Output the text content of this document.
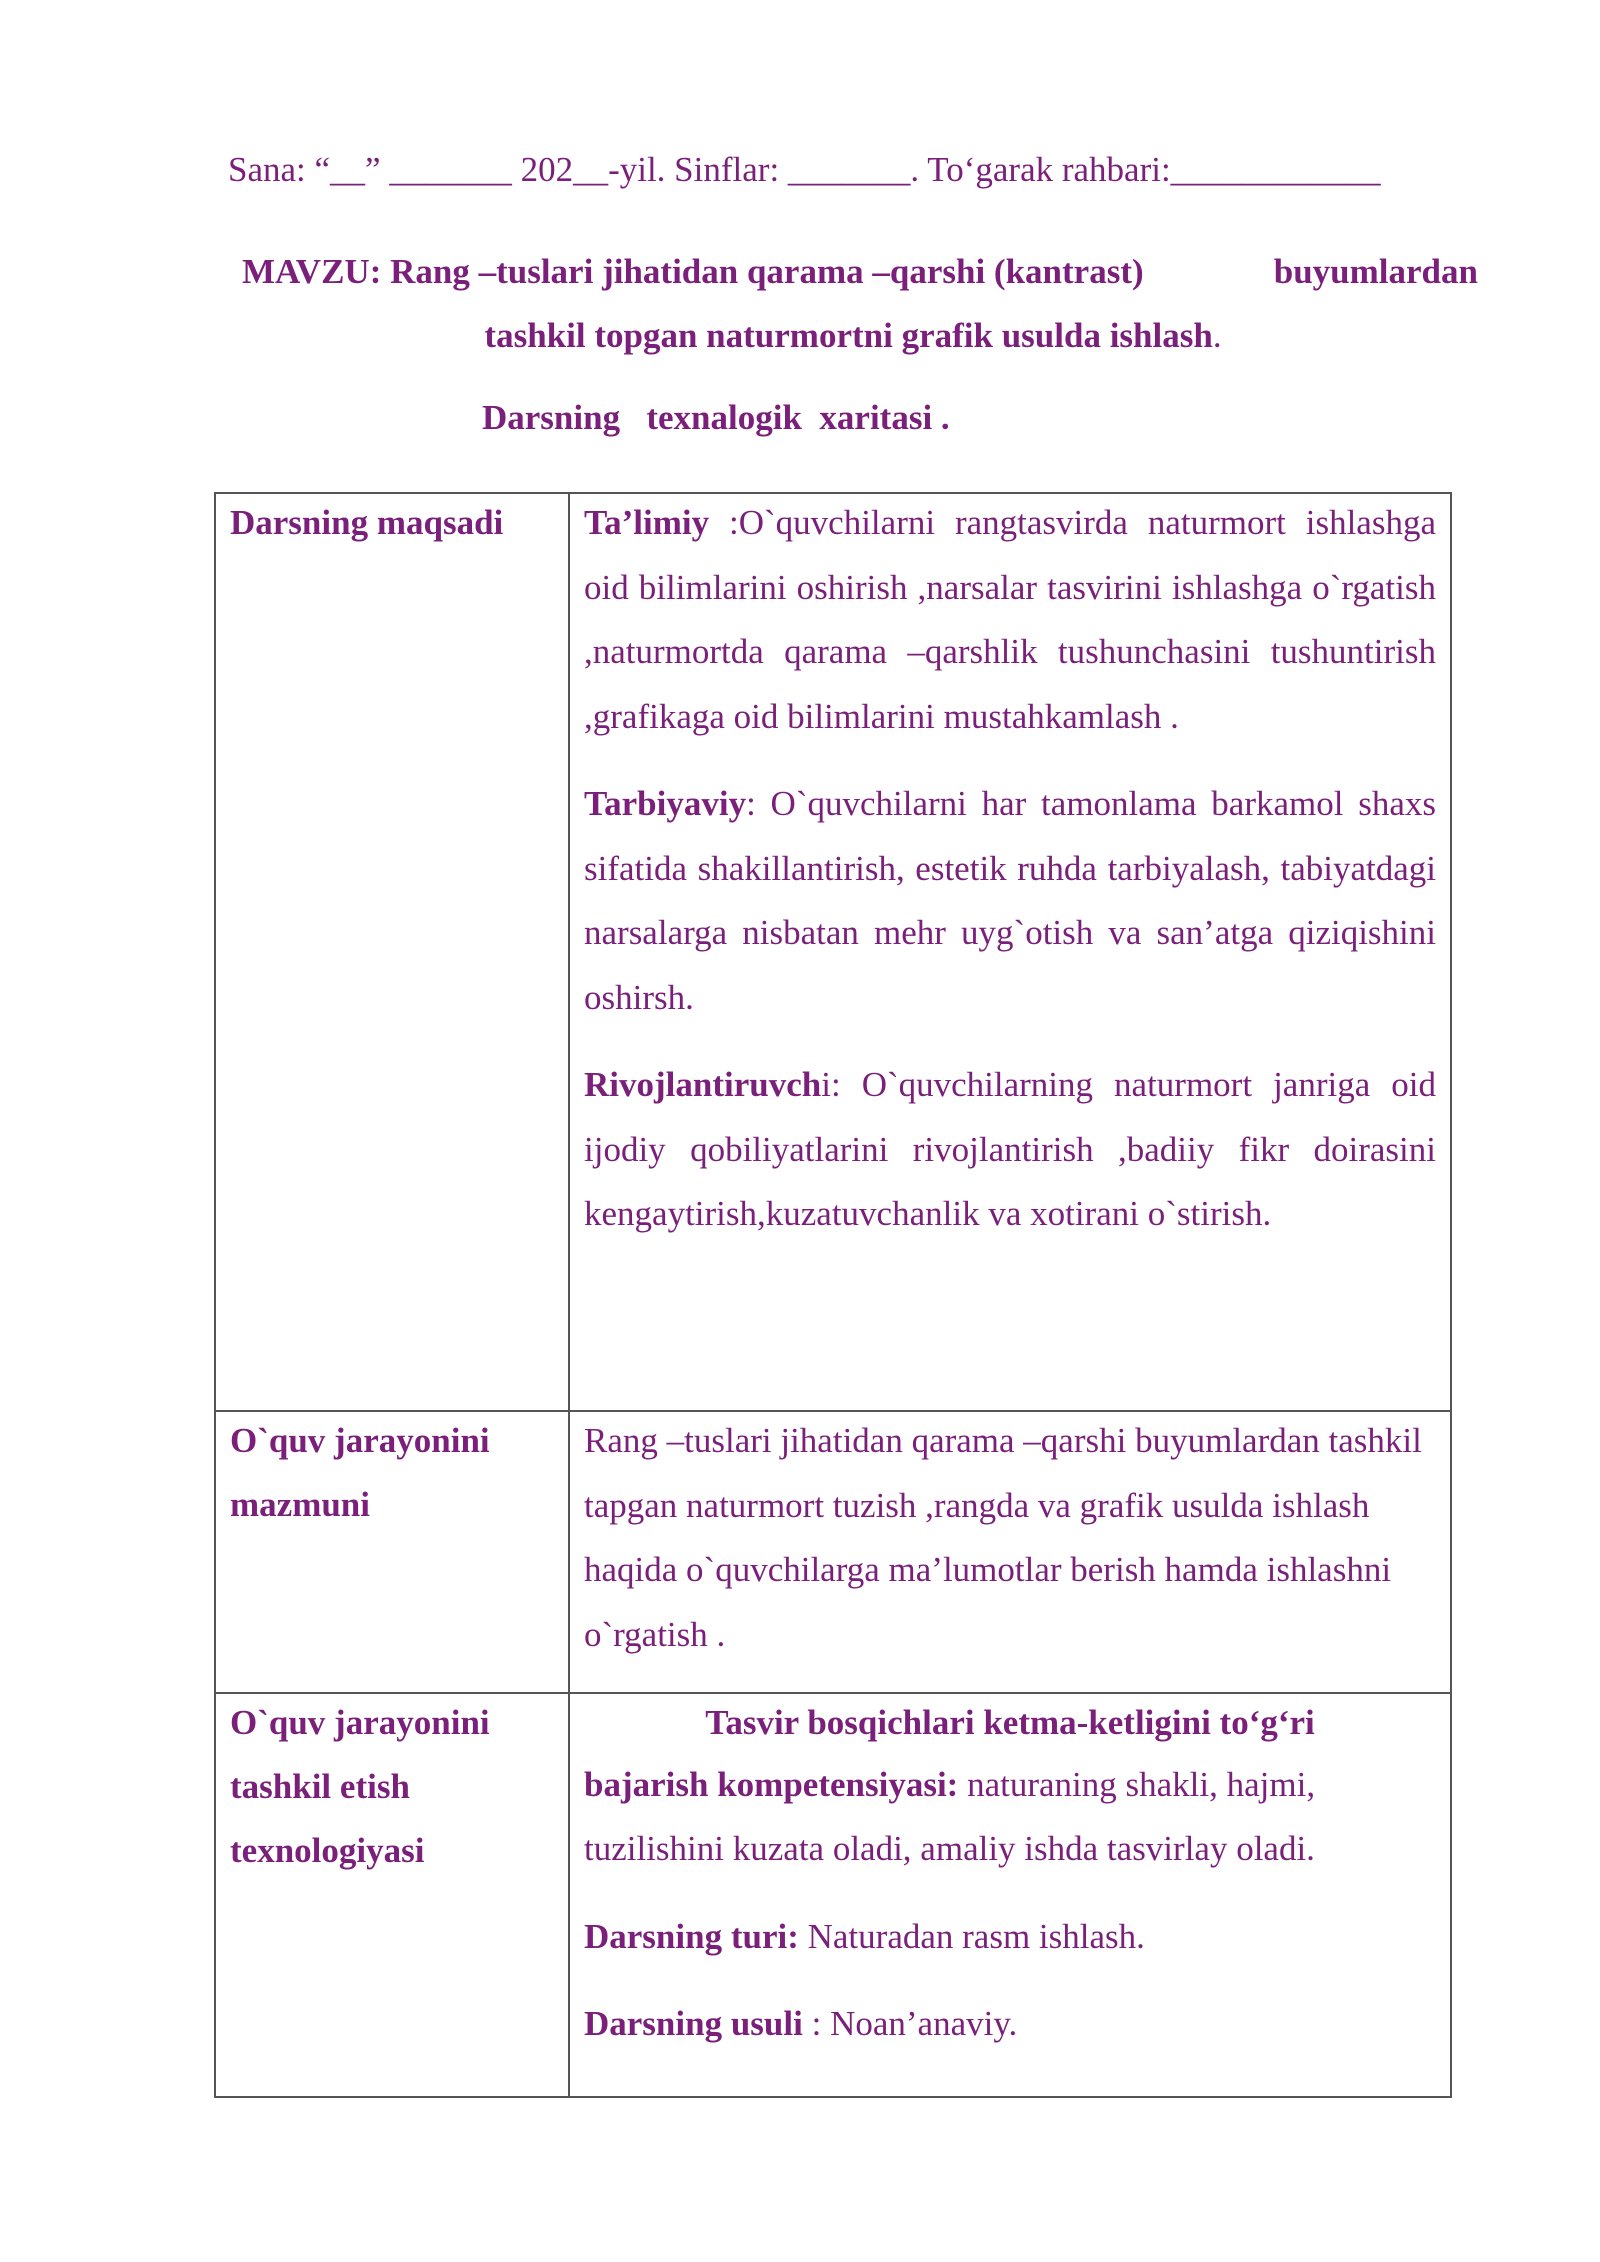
Sana: “__” _______ 202__-yil. Sinflar: _______. To‘garak rahbari:____________
MAVZU: Rang –tuslari jihatidan qarama –qarshi (kantrast)	buyumlardan
tashkil topgan naturmortni grafik usulda ishlash.
Darsning   texnalogik  xaritasi .
Darsning maqsadi	Ta’limiy :O`quvchilarni rangtasvirda naturmort ishlashga oid bilimlarini oshirish ,narsalar tasvirini ishlashga o`rgatish ,naturmortda qarama –qarshlik tushunchasini tushuntirish ,grafikaga oid bilimlarini mustahkamlash .
Tarbiyaviy: O`quvchilarni har tamonlama barkamol shaxs sifatida shakillantirish, estetik ruhda tarbiyalash, tabiyatdagi narsalarga nisbatan mehr uyg`otish va san’atga qiziqishini oshirsh.
Rivojlantiruvchi: O`quvchilarning naturmort janriga oid ijodiy qobiliyatlarini rivojlantirish ,badiiy fikr doirasini kengaytirish,kuzatuvchanlik va xotirani o`stirish.

O`quv jarayonini mazmuni	Rang –tuslari jihatidan qarama –qarshi buyumlardan tashkil tapgan naturmort tuzish ,rangda va grafik usulda ishlash haqida o`quvchilarga ma’lumotlar berish hamda ishlashni o`rgatish .

O`quv jarayonini tashkil etish texnologiyasi	Tasvir bosqichlari ketma-ketligini to‘g‘ri
bajarish kompetensiyasi: naturaning shakli, hajmi, tuzilishini kuzata oladi, amaliy ishda tasvirlay oladi.
Darsning turi: Naturadan rasm ishlash.
Darsning usuli : Noan’anaviy.
